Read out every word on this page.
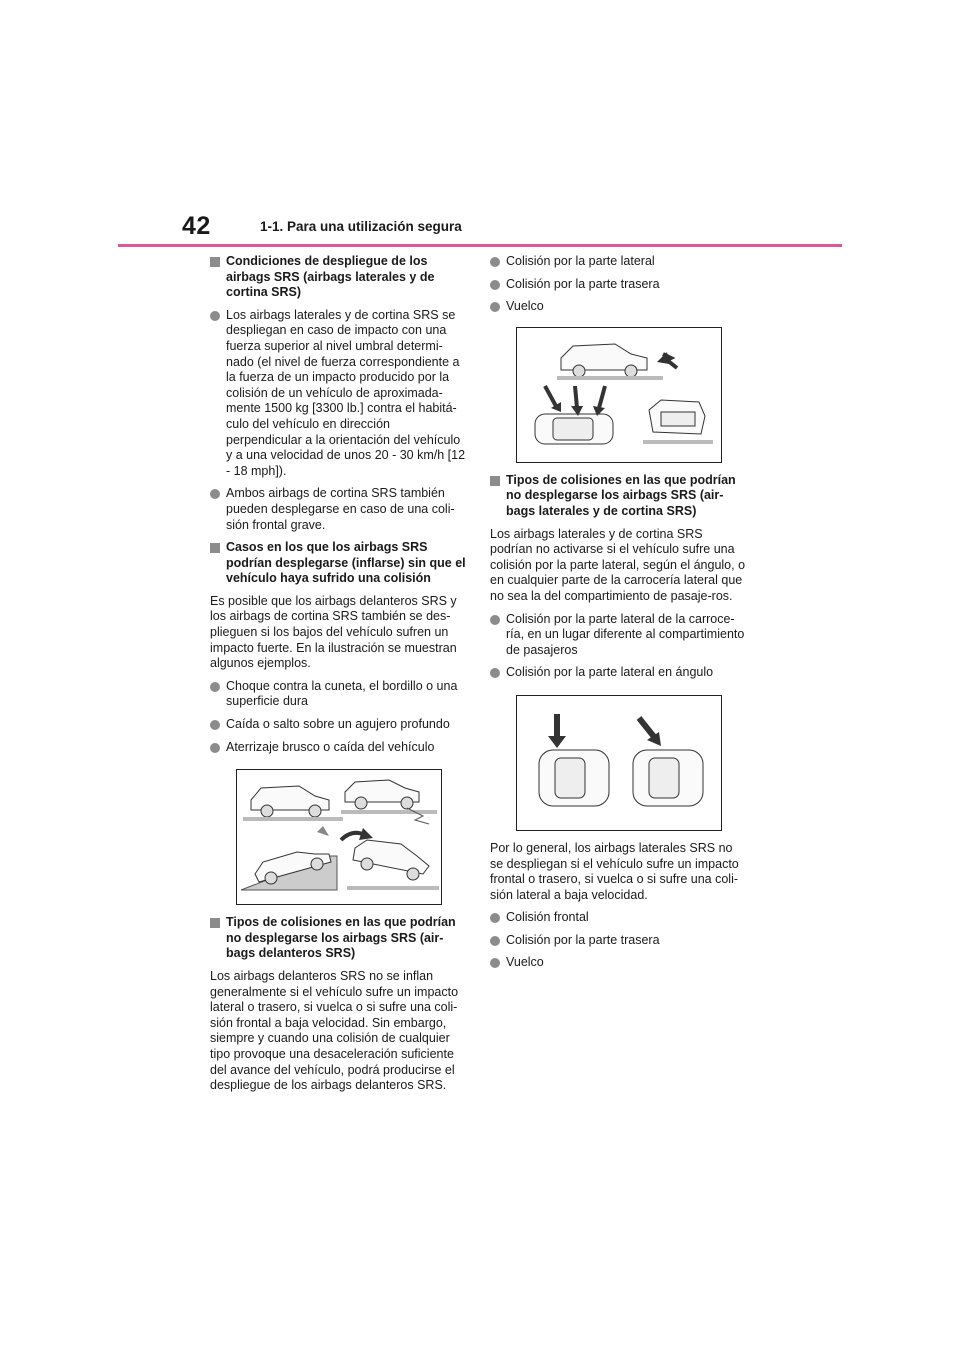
42	1-1. Para una utilización segura
Condiciones de despliegue de los airbags SRS (airbags laterales y de cortina SRS)
Los airbags laterales y de cortina SRS se despliegan en caso de impacto con una fuerza superior al nivel umbral determi-nado (el nivel de fuerza correspondiente a la fuerza de un impacto producido por la colisión de un vehículo de aproximada-mente 1500 kg [3300 lb.] contra el habitá-culo del vehículo en dirección perpendicular a la orientación del vehículo y a una velocidad de unos 20 - 30 km/h [12 - 18 mph]).
Ambos airbags de cortina SRS también pueden desplegarse en caso de una coli-sión frontal grave.
Casos en los que los airbags SRS podrían desplegarse (inflarse) sin que el vehículo haya sufrido una colisión

Es posible que los airbags delanteros SRS y los airbags de cortina SRS también se des-plieguen si los bajos del vehículo sufren un impacto fuerte. En la ilustración se muestran algunos ejemplos.

Choque contra la cuneta, el bordillo o una superficie dura
Caída o salto sobre un agujero profundo
Aterrizaje brusco o caída del vehículo
Tipos de colisiones en las que podrían no desplegarse los airbags SRS (air-bags delanteros SRS)

Los airbags delanteros SRS no se inflan generalmente si el vehículo sufre un impacto lateral o trasero, si vuelca o si sufre una coli-sión frontal a baja velocidad. Sin embargo, siempre y cuando una colisión de cualquier tipo provoque una desaceleración suficiente del avance del vehículo, podrá producirse el despliegue de los airbags delanteros SRS.

Colisión por la parte lateral
Colisión por la parte trasera
Vuelco
Tipos de colisiones en las que podrían no desplegarse los airbags SRS (air-bags laterales y de cortina SRS)

Los airbags laterales y de cortina SRS podrían no activarse si el vehículo sufre una colisión por la parte lateral, según el ángulo, o en cualquier parte de la carrocería lateral que no sea la del compartimiento de pasaje-ros.

Colisión por la parte lateral de la carroce-ría, en un lugar diferente al compartimiento de pasajeros
Colisión por la parte lateral en ángulo

Por lo general, los airbags laterales SRS no se despliegan si el vehículo sufre un impacto frontal o trasero, si vuelca o si sufre una coli-sión lateral a baja velocidad.

Colisión frontal
Colisión por la parte trasera
Vuelco
